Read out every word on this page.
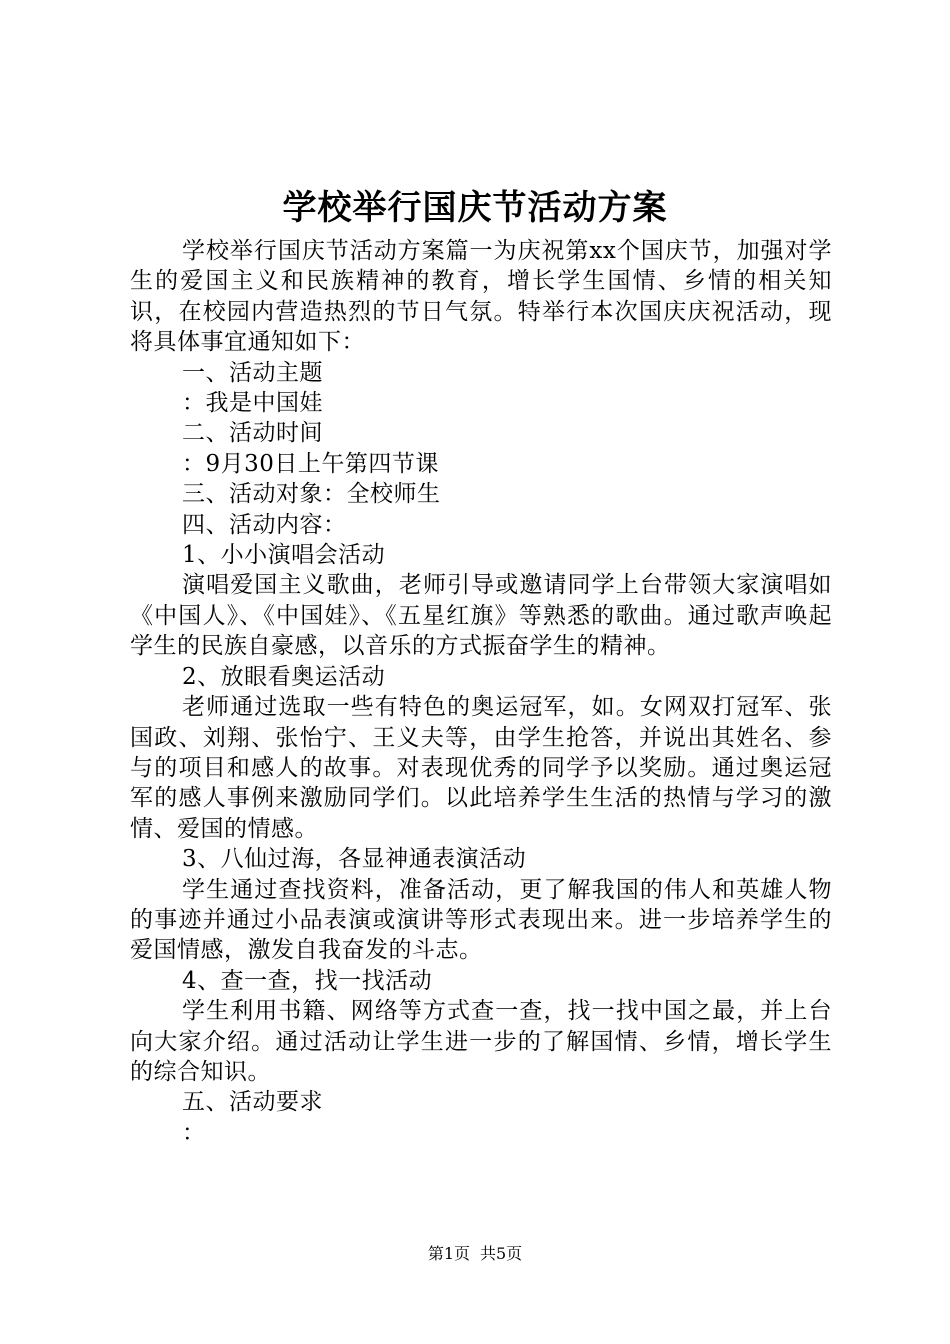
学校举行国庆节活动方案

学校举行国庆节活动方案篇一为庆祝第xx个国庆节，加强对学生的爱国主义和民族精神的教育，增长学生国情、乡情的相关知识，在校园内营造热烈的节日气氛。特举行本次国庆庆祝活动，现将具体事宜通知如下：

一、活动主题

：我是中国娃

二、活动时间

：9月30日上午第四节课

三、活动对象：全校师生

四、活动内容：

1、小小演唱会活动

演唱爱国主义歌曲，老师引导或邀请同学上台带领大家演唱如《中国人》、《中国娃》、《五星红旗》等熟悉的歌曲。通过歌声唤起学生的民族自豪感，以音乐的方式振奋学生的精神。

2、放眼看奥运活动

老师通过选取一些有特色的奥运冠军，如。女网双打冠军、张国政、刘翔、张怡宁、王义夫等，由学生抢答，并说出其姓名、参与的项目和感人的故事。对表现优秀的同学予以奖励。通过奥运冠军的感人事例来激励同学们。以此培养学生生活的热情与学习的激情、爱国的情感。

3、八仙过海，各显神通表演活动

学生通过查找资料，准备活动，更了解我国的伟人和英雄人物的事迹并通过小品表演或演讲等形式表现出来。进一步培养学生的爱国情感，激发自我奋发的斗志。

4、查一查，找一找活动

学生利用书籍、网络等方式查一查，找一找中国之最，并上台向大家介绍。通过活动让学生进一步的了解国情、乡情，增长学生的综合知识。

五、活动要求

：

第1页 共5页
